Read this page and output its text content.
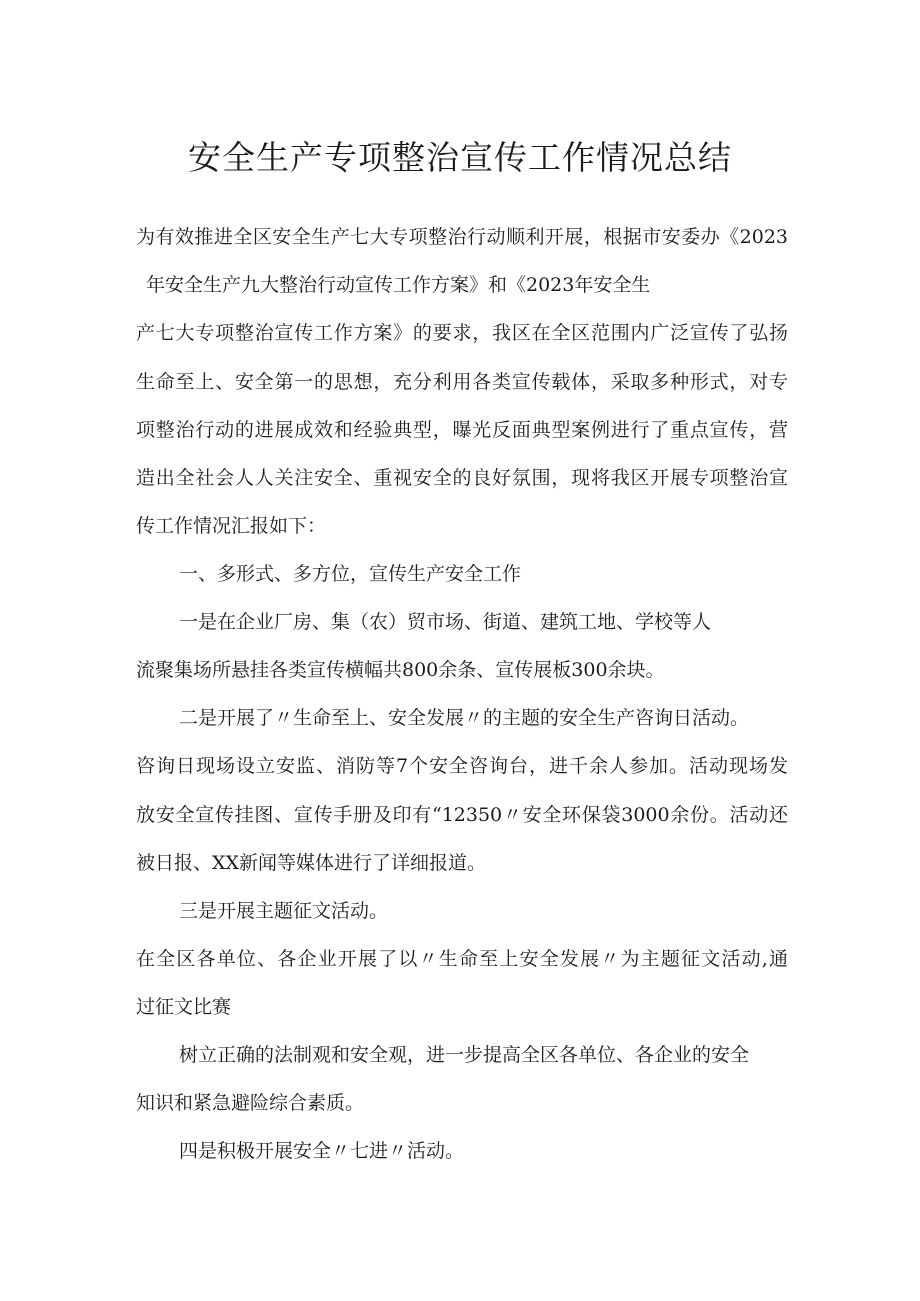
安全生产专项整治宣传工作情况总结

为有效推进全区安全生产七大专项整治行动顺利开展，根据市安委办《2023

年安全生产九大整治行动宣传工作方案》和《2023年安全生

产七大专项整治宣传工作方案》的要求，我区在全区范围内广泛宣传了弘扬

生命至上、安全第一的思想，充分利用各类宣传载体，采取多种形式，对专

项整治行动的进展成效和经验典型，曝光反面典型案例进行了重点宣传，营

造出全社会人人关注安全、重视安全的良好氛围，现将我区开展专项整治宣

传工作情况汇报如下：

一、多形式、多方位，宣传生产安全工作

一是在企业厂房、集（农）贸市场、街道、建筑工地、学校等人

流聚集场所悬挂各类宣传横幅共800余条、宣传展板300余块。

二是开展了〃生命至上、安全发展〃的主题的安全生产咨询日活动。

咨询日现场设立安监、消防等7个安全咨询台，进千余人参加。活动现场发

放安全宣传挂图、宣传手册及印有“12350〃安全环保袋3000余份。活动还

被日报、XX新闻等媒体进行了详细报道。

三是开展主题征文活动。

在全区各单位、各企业开展了以〃生命至上安全发展〃为主题征文活动,通

过征文比赛

树立正确的法制观和安全观，进一步提高全区各单位、各企业的安全

知识和紧急避险综合素质。

四是积极开展安全〃七进〃活动。
